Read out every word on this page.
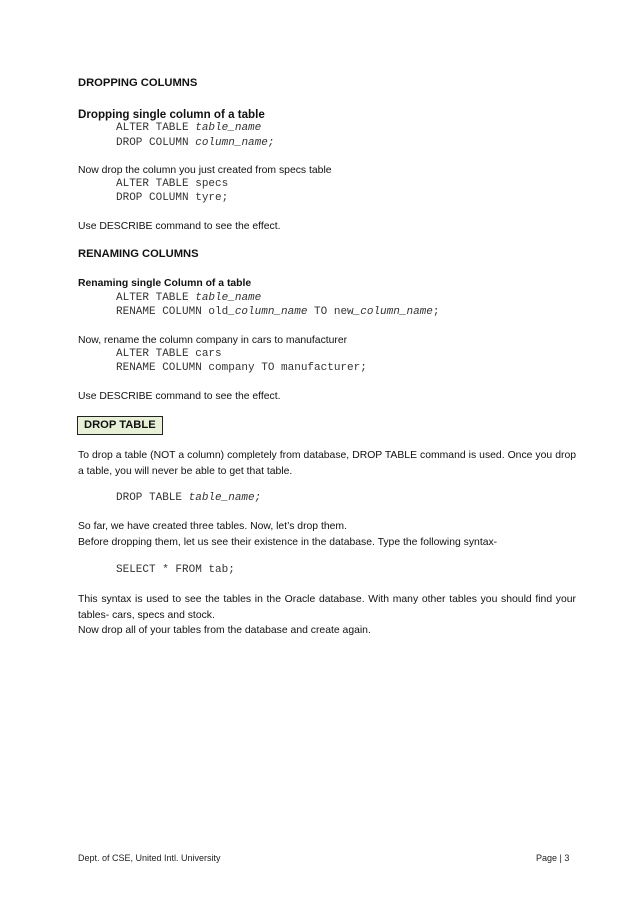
DROPPING COLUMNS
Dropping single column of a table
ALTER TABLE table_name
DROP COLUMN column_name;
Now drop the column you just created from specs table
ALTER TABLE specs
DROP COLUMN tyre;
Use DESCRIBE command to see the effect.
RENAMING COLUMNS
Renaming single Column of a table
ALTER TABLE table_name
RENAME COLUMN old_column_name TO new_column_name;
Now, rename the column company in cars to manufacturer
ALTER TABLE cars
RENAME COLUMN company TO manufacturer;
Use DESCRIBE command to see the effect.
DROP TABLE
To drop a table (NOT a column) completely from database, DROP TABLE command is used. Once you drop a table, you will never be able to get that table.
DROP TABLE table_name;
So far, we have created three tables. Now, let’s drop them.
Before dropping them, let us see their existence in the database. Type the following syntax-
SELECT * FROM tab;
This syntax is used to see the tables in the Oracle database. With many other tables you should find your tables- cars, specs and stock.
Now drop all of your tables from the database and create again.
Dept. of CSE, United Intl. University	Page | 3
